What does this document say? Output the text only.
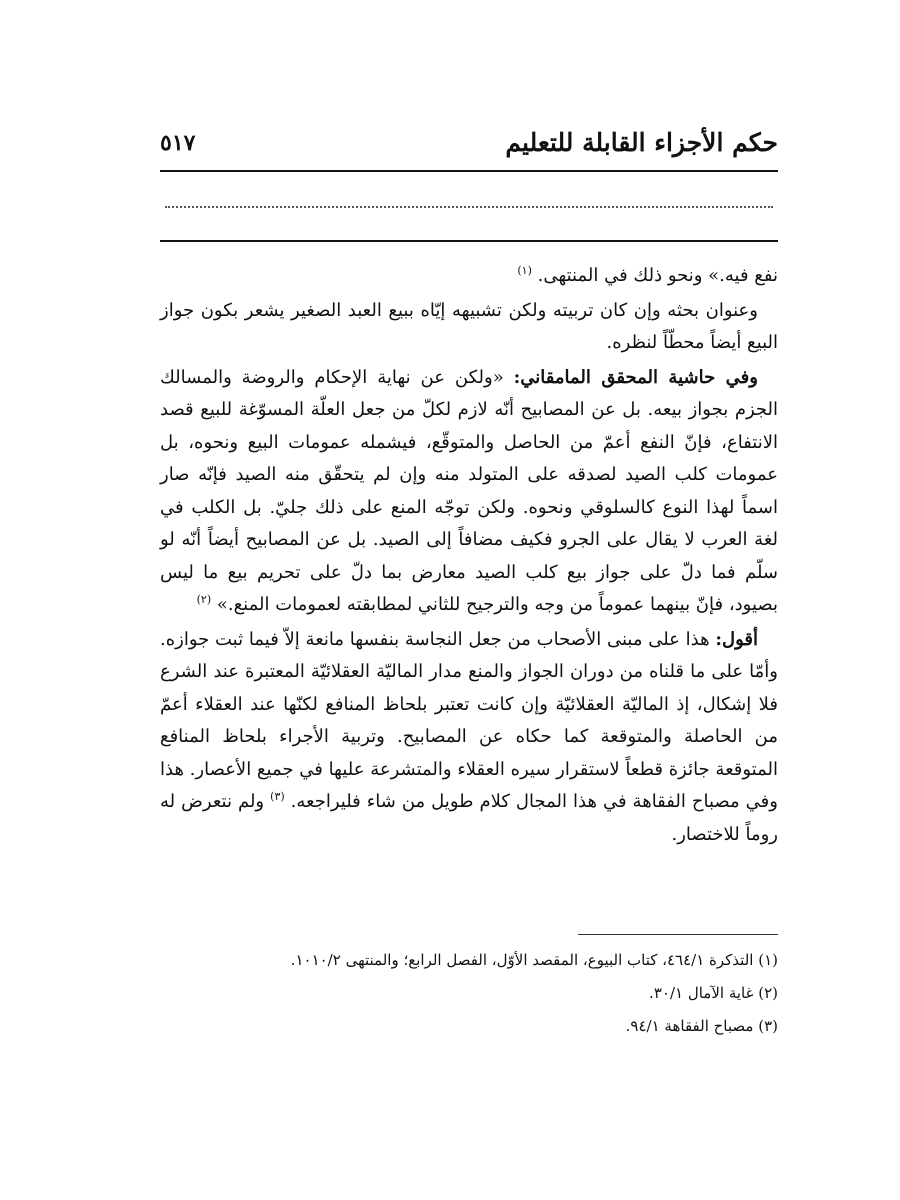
حكم الأجزاء القابلة للتعليم
٥١٧

نفع فيه.» ونحو ذلك في المنتهى. $^{(١)}$

وعنوان بحثه وإن كان تربيته ولكن تشبيهه إيّاه ببيع العبد الصغير يشعر بكون جواز البيع أيضاً محطّاً لنظره.

وفي حاشية المحقق المامقاني: «ولكن عن نهاية الإحكام والروضة والمسالك الجزم بجواز بيعه. بل عن المصابيح أنّه لازم لكلّ من جعل العلّة المسوّغة للبيع قصد الانتفاع، فإنّ النفع أعمّ من الحاصل والمتوقّع، فيشمله عمومات البيع ونحوه، بل عمومات كلب الصيد لصدقه على المتولد منه وإن لم يتحقّق منه الصيد فإنّه صار اسماً لهذا النوع كالسلوقي ونحوه. ولكن توجّه المنع على ذلك جليّ. بل الكلب في لغة العرب لا يقال على الجرو فكيف مضافاً إلى الصيد. بل عن المصابيح أيضاً أنّه لو سلّم فما دلّ على جواز بيع كلب الصيد معارض بما دلّ على تحريم بيع ما ليس بصيود، فإنّ بينهما عموماً من وجه والترجيح للثاني لمطابقته لعمومات المنع.» $^{(٢)}$

أقول: هذا على مبنى الأصحاب من جعل النجاسة بنفسها مانعة إلاّ فيما ثبت جوازه. وأمّا على ما قلناه من دوران الجواز والمنع مدار الماليّة العقلائيّة المعتبرة عند الشرع فلا إشكال، إذ الماليّة العقلائيّة وإن كانت تعتبر بلحاظ المنافع لكنّها عند العقلاء أعمّ من الحاصلة والمتوقعة كما حكاه عن المصابيح. وتربية الأجراء بلحاظ المنافع المتوقعة جائزة قطعاً لاستقرار سيره العقلاء والمتشرعة عليها في جميع الأعصار. هذا وفي مصباح الفقاهة في هذا المجال كلام طويل من شاء فليراجعه. $^{(٣)}$ ولم نتعرض له روماً للاختصار.

(١) التذكرة ٤٦٤/١، كتاب البيوع، المقصد الأوّل، الفصل الرابع؛ والمنتهى ١٠١٠/٢.

(٢) غاية الآمال ٣٠/١.

(٣) مصباح الفقاهة ٩٤/١.
